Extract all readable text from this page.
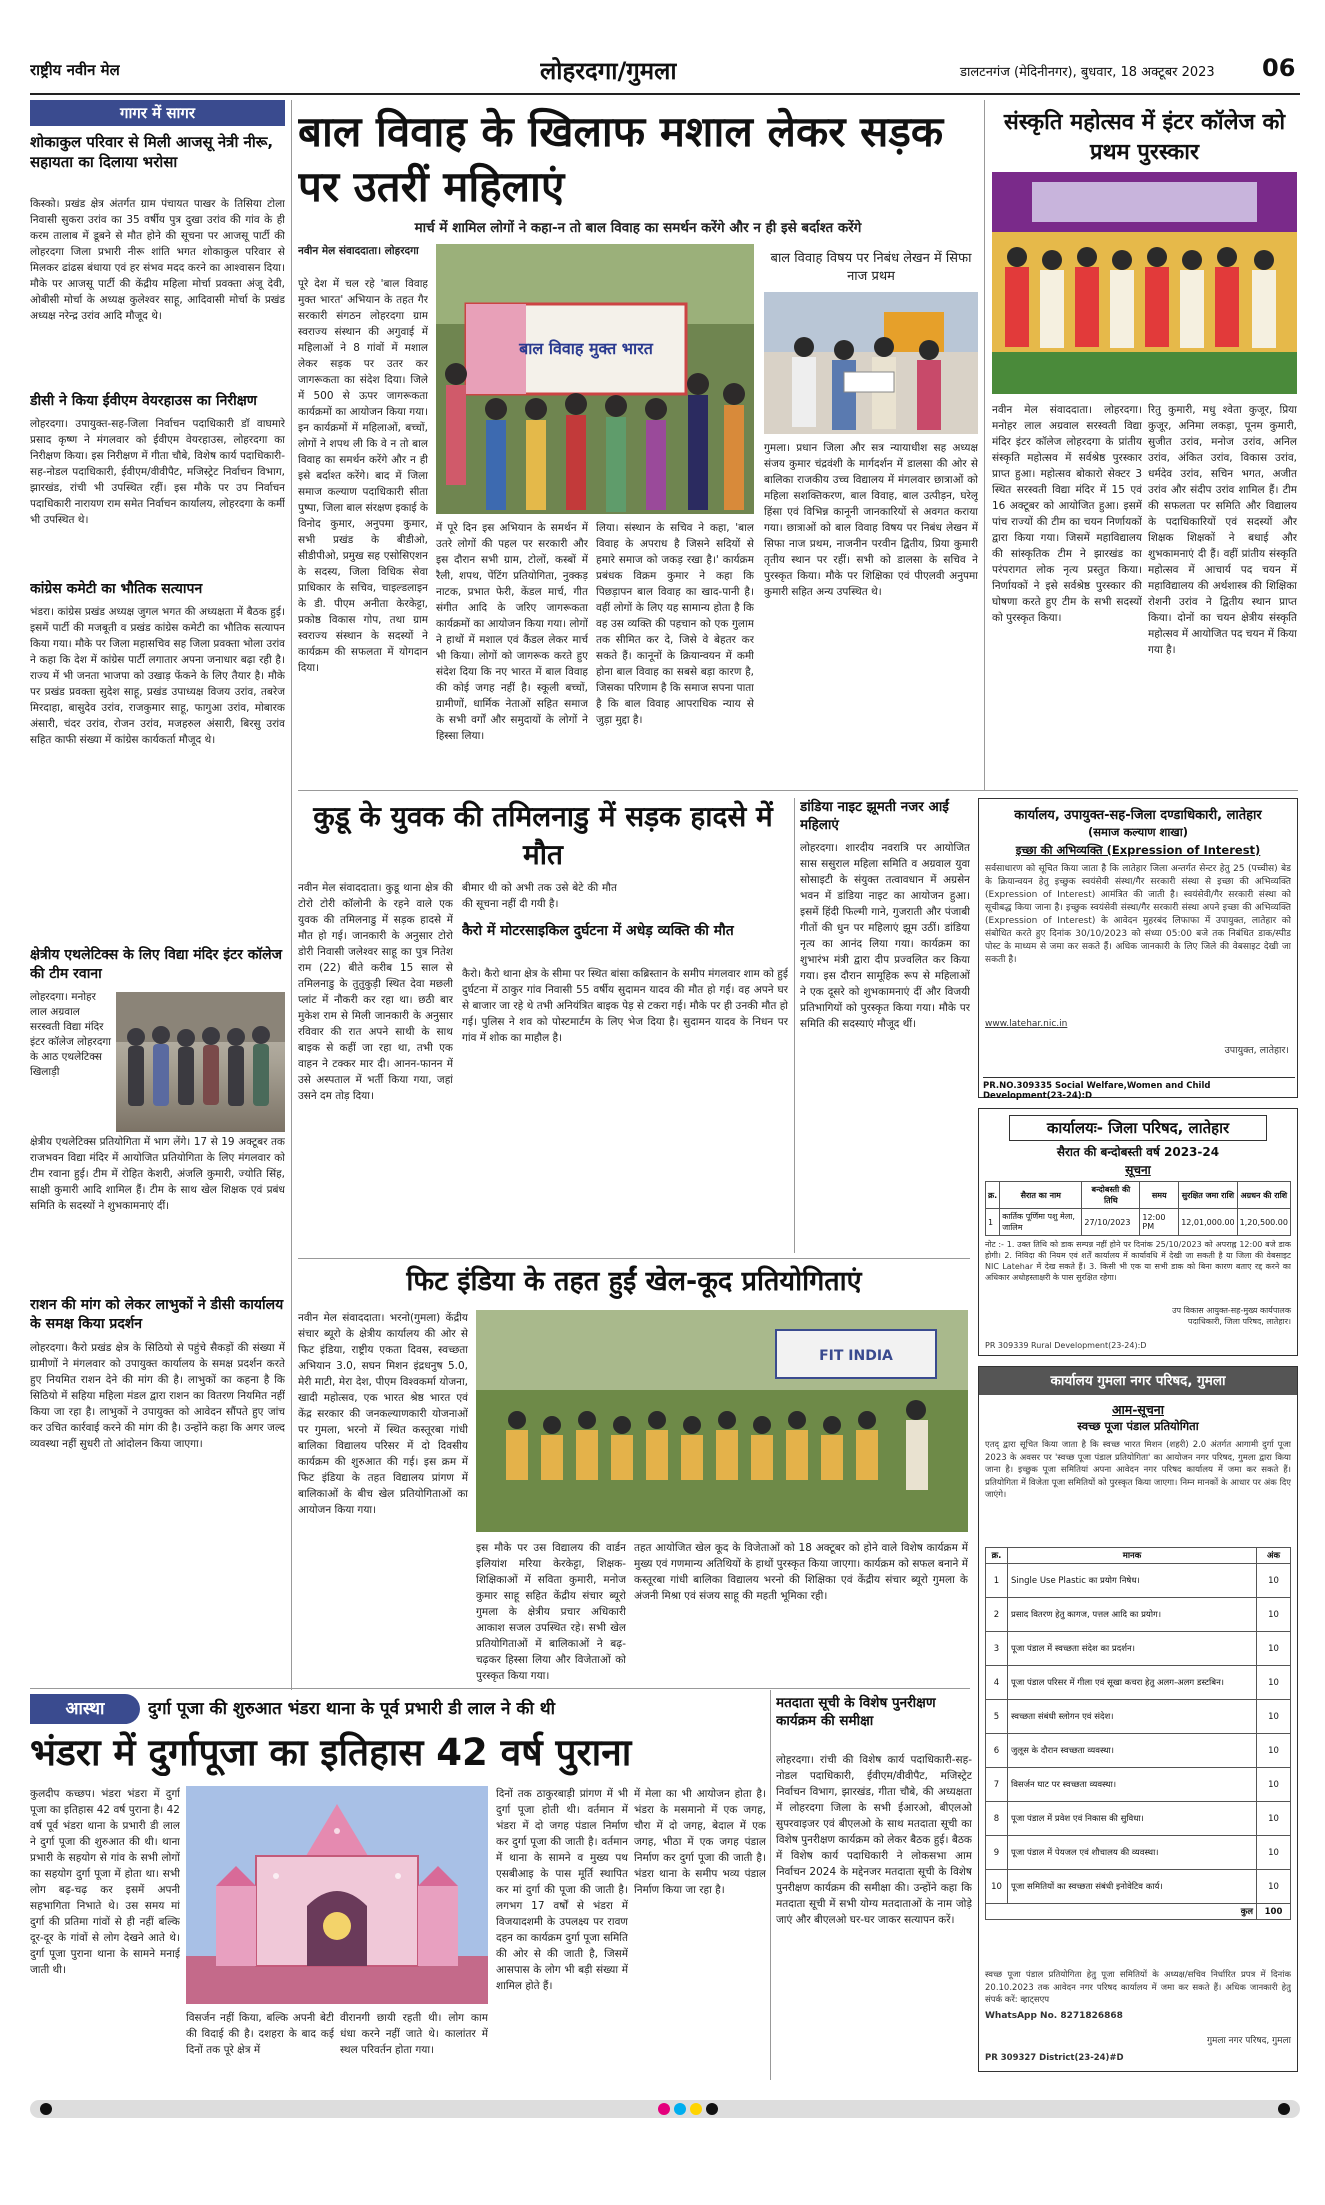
राष्ट्रीय नवीन मेल	लोहरदगा/गुमला	डालटनगंज (मेदिनीनगर), बुधवार, 18 अक्टूबर 2023 06
गागर में सागर
शोकाकुल परिवार से मिली आजसू नेत्री नीरू, सहायता का दिलाया भरोसा
किस्को। प्रखंड क्षेत्र अंतर्गत ग्राम पंचायत पाखर के तिसिया टोला निवासी सुकरा उरांव का 35 वर्षीय पुत्र दुखा उरांव की गांव के ही करम तालाब में डूबने से मौत होने की सूचना पर आजसू पार्टी की लोहरदगा जिला प्रभारी नीरू शांति भगत शोकाकुल परिवार से मिलकर ढांढस बंधाया एवं हर संभव मदद करने का आश्वासन दिया। मौके पर आजसू पार्टी की केंद्रीय महिला मोर्चा प्रवक्ता अंजू देवी, ओबीसी मोर्चा के अध्यक्ष कुलेश्वर साहू, आदिवासी मोर्चा के प्रखंड अध्यक्ष नरेन्द्र उरांव आदि मौजूद थे।
डीसी ने किया ईवीएम वेयरहाउस का निरीक्षण
लोहरदगा। उपायुक्त-सह-जिला निर्वाचन पदाधिकारी डॉ वाघमारे प्रसाद कृष्ण ने मंगलवार को ईवीएम वेयरहाउस, लोहरदगा का निरीक्षण किया। इस निरीक्षण में गीता चौबे, विशेष कार्य पदाधिकारी-सह-नोडल पदाधिकारी, ईवीएम/वीवीपैट, मजिस्ट्रेट निर्वाचन विभाग, झारखंड, रांची भी उपस्थित रहीं। इस मौके पर उप निर्वाचन पदाधिकारी नारायण राम समेत निर्वाचन कार्यालय, लोहरदगा के कर्मी भी उपस्थित थे।
कांग्रेस कमेटी का भौतिक सत्यापन
भंडरा। कांग्रेस प्रखंड अध्यक्ष जुगल भगत की अध्यक्षता में बैठक हुई। इसमें पार्टी की मजबूती व प्रखंड कांग्रेस कमेटी का भौतिक सत्यापन किया गया। मौके पर जिला महासचिव सह जिला प्रवक्ता भोला उरांव ने कहा कि देश में कांग्रेस पार्टी लगातार अपना जनाधार बढ़ा रही है। राज्य में भी जनता भाजपा को उखाड़ फेंकने के लिए तैयार है। मौके पर प्रखंड प्रवक्ता सुदेश साहू, प्रखंड उपाध्यक्ष विजय उरांव, तबरेज मिरदाहा, बासुदेव उरांव, राजकुमार साहू, फागुआ उरांव, मोबारक अंसारी, चंदर उरांव, रोजन उरांव, मजहरुल अंसारी, बिरसु उरांव सहित काफी संख्या में कांग्रेस कार्यकर्ता मौजूद थे।
क्षेत्रीय एथलेटिक्स के लिए विद्या मंदिर इंटर कॉलेज की टीम रवाना
लोहरदगा। मनोहर लाल अग्रवाल सरस्वती विद्या मंदिर इंटर कॉलेज लोहरदगा के आठ एथलेटिक्स खिलाड़ी
क्षेत्रीय एथलेटिक्स प्रतियोगिता में भाग लेंगे। 17 से 19 अक्टूबर तक राजभवन विद्या मंदिर में आयोजित प्रतियोगिता के लिए मंगलवार को टीम रवाना हुई। टीम में रोहित केशरी, अंजलि कुमारी, ज्योति सिंह, साक्षी कुमारी आदि शामिल हैं। टीम के साथ खेल शिक्षक एवं प्रबंध समिति के सदस्यों ने शुभकामनाएं दीं।
राशन की मांग को लेकर लाभुकों ने डीसी कार्यालय के समक्ष किया प्रदर्शन
लोहरदगा। कैरो प्रखंड क्षेत्र के सिठियो से पहुंचे सैकड़ों की संख्या में ग्रामीणों ने मंगलवार को उपायुक्त कार्यालय के समक्ष प्रदर्शन करते हुए नियमित राशन देने की मांग की है। लाभुकों का कहना है कि सिठियो में सहिया महिला मंडल द्वारा राशन का वितरण नियमित नहीं किया जा रहा है। लाभुकों ने उपायुक्त को आवेदन सौंपते हुए जांच कर उचित कार्रवाई करने की मांग की है। उन्होंने कहा कि अगर जल्द व्यवस्था नहीं सुधरी तो आंदोलन किया जाएगा।
बाल विवाह के खिलाफ मशाल लेकर सड़क पर उतरीं महिलाएं
मार्च में शामिल लोगों ने कहा-न तो बाल विवाह का समर्थन करेंगे और न ही इसे बर्दाश्त करेंगे
नवीन मेल संवाददाता। लोहरदगा
पूरे देश में चल रहे 'बाल विवाह मुक्त भारत' अभियान के तहत गैर सरकारी संगठन लोहरदगा ग्राम स्वराज्य संस्थान की अगुवाई में महिलाओं ने 8 गांवों में मशाल लेकर सड़क पर उतर कर जागरूकता का संदेश दिया। जिले में 500 से ऊपर जागरूकता कार्यक्रमों का आयोजन किया गया। इन कार्यक्रमों में महिलाओं, बच्चों, लोगों ने शपथ ली कि वे न तो बाल विवाह का समर्थन करेंगे और न ही इसे बर्दाश्त करेंगे। बाद में जिला समाज कल्याण पदाधिकारी सीता पुष्पा, जिला बाल संरक्षण इकाई के विनोद कुमार, अनुपमा कुमार, सभी प्रखंड के बीडीओ, सीडीपीओ, प्रमुख सह एसोसिएशन के सदस्य, जिला विधिक सेवा प्राधिकार के सचिव, चाइल्डलाइन के डी. पीएम अनीता केरकेट्टा, प्रकोष्ठ विकास गोप, तथा ग्राम स्वराज्य संस्थान के सदस्यों ने कार्यक्रम की सफलता में योगदान दिया।
बाल विवाह मुक्त भारत
में पूरे दिन इस अभियान के समर्थन में उतरे लोगों की पहल पर सरकारी और इस दौरान सभी ग्राम, टोलों, कस्बों में रैली, शपथ, पेंटिंग प्रतियोगिता, नुक्कड़ नाटक, प्रभात फेरी, केंडल मार्च, गीत संगीत आदि के जरिए जागरूकता कार्यक्रमों का आयोजन किया गया। लोगों ने हाथों में मशाल एवं कैंडल लेकर मार्च भी किया। लोगों को जागरूक करते हुए संदेश दिया कि नए भारत में बाल विवाह की कोई जगह नहीं है। स्कूली बच्चों, ग्रामीणों, धार्मिक नेताओं सहित समाज के सभी वर्गों और समुदायों के लोगों ने हिस्सा लिया।
लिया। संस्थान के सचिव ने कहा, 'बाल विवाह के अपराध है जिसने सदियों से हमारे समाज को जकड़ रखा है।' कार्यक्रम प्रबंधक विक्रम कुमार ने कहा कि पिछड़ापन बाल विवाह का खाद-पानी है। वहीं लोगों के लिए यह सामान्य होता है कि वह उस व्यक्ति की पहचान को एक गुलाम तक सीमित कर दे, जिसे वे बेहतर कर सकते हैं। कानूनों के क्रियान्वयन में कमी होना बाल विवाह का सबसे बड़ा कारण है, जिसका परिणाम है कि समाज सपना पाता है कि बाल विवाह आपराधिक न्याय से जुड़ा मुद्दा है।
बाल विवाह विषय पर निबंध लेखन में सिफा नाज प्रथम
गुमला। प्रधान जिला और सत्र न्यायाधीश सह अध्यक्ष संजय कुमार चंद्रवंशी के मार्गदर्शन में डालसा की ओर से बालिका राजकीय उच्च विद्यालय में मंगलवार छात्राओं को महिला सशक्तिकरण, बाल विवाह, बाल उत्पीड़न, घरेलू हिंसा एवं विभिन्न कानूनी जानकारियों से अवगत कराया गया। छात्राओं को बाल विवाह विषय पर निबंध लेखन में सिफा नाज प्रथम, नाजनीन परवीन द्वितीय, प्रिया कुमारी तृतीय स्थान पर रहीं। सभी को डालसा के सचिव ने पुरस्कृत किया। मौके पर शिक्षिका एवं पीएलवी अनुपमा कुमारी सहित अन्य उपस्थित थे।
संस्कृति महोत्सव में इंटर कॉलेज को प्रथम पुरस्कार
नवीन मेल संवाददाता। लोहरदगा। मनोहर लाल अग्रवाल सरस्वती विद्या मंदिर इंटर कॉलेज लोहरदगा के प्रांतीय संस्कृति महोत्सव में सर्वश्रेष्ठ पुरस्कार प्राप्त हुआ। महोत्सव बोकारो सेक्टर 3 स्थित सरस्वती विद्या मंदिर में 15 एवं 16 अक्टूबर को आयोजित हुआ। इसमें पांच राज्यों की टीम का चयन निर्णायकों द्वारा किया गया। जिसमें महाविद्यालय की सांस्कृतिक टीम ने झारखंड का परंपरागत लोक नृत्य प्रस्तुत किया। निर्णायकों ने इसे सर्वश्रेष्ठ पुरस्कार की घोषणा करते हुए टीम के सभी सदस्यों को पुरस्कृत किया।
रितु कुमारी, मधु श्वेता कुजूर, प्रिया कुजूर, अनिमा लकड़ा, पूनम कुमारी, सुजीत उरांव, मनोज उरांव, अनिल उरांव, अंकित उरांव, विकास उरांव, धर्मदेव उरांव, सचिन भगत, अजीत उरांव और संदीप उरांव शामिल हैं। टीम की सफलता पर समिति और विद्यालय के पदाधिकारियों एवं सदस्यों और शिक्षक शिक्षकों ने बधाई और शुभकामनाएं दी हैं। वहीं प्रांतीय संस्कृति महोत्सव में आचार्य पद चयन में महाविद्यालय की अर्थशास्त्र की शिक्षिका रोशनी उरांव ने द्वितीय स्थान प्राप्त किया। दोनों का चयन क्षेत्रीय संस्कृति महोत्सव में आयोजित पद चयन में किया गया है।
कुडू के युवक की तमिलनाडु में सड़क हादसे में मौत
नवीन मेल संवाददाता। कुडू थाना क्षेत्र की टोरो टोरी कॉलोनी के रहने वाले एक युवक की तमिलनाडु में सड़क हादसे में मौत हो गई। जानकारी के अनुसार टोरो डोरी निवासी जलेश्वर साहू का पुत्र नितेश राम (22) बीते करीब 15 साल से तमिलनाडु के तुतुकुड़ी स्थित देवा मछली प्लांट में नौकरी कर रहा था। छठी बार मुकेश राम से मिली जानकारी के अनुसार रविवार की रात अपने साथी के साथ बाइक से कहीं जा रहा था, तभी एक वाहन ने टक्कर मार दी। आनन-फानन में उसे अस्पताल में भर्ती किया गया, जहां उसने दम तोड़ दिया।
बीमार थी को अभी तक उसे बेटे की मौत की सूचना नहीं दी गयी है।
कैरो में मोटरसाइकिल दुर्घटना में अधेड़ व्यक्ति की मौत
कैरो। कैरो थाना क्षेत्र के सीमा पर स्थित बांसा कब्रिस्तान के समीप मंगलवार शाम को हुई दुर्घटना में ठाकुर गांव निवासी 55 वर्षीय सुदामन यादव की मौत हो गई। वह अपने घर से बाजार जा रहे थे तभी अनियंत्रित बाइक पेड़ से टकरा गई। मौके पर ही उनकी मौत हो गई। पुलिस ने शव को पोस्टमार्टम के लिए भेज दिया है। सुदामन यादव के निधन पर गांव में शोक का माहौल है।
डांडिया नाइट झूमती नजर आईं महिलाएं
लोहरदगा। शारदीय नवरात्रि पर आयोजित सास ससुराल महिला समिति व अग्रवाल युवा सोसाइटी के संयुक्त तत्वावधान में अग्रसेन भवन में डांडिया नाइट का आयोजन हुआ। इसमें हिंदी फिल्मी गाने, गुजराती और पंजाबी गीतों की धुन पर महिलाएं झूम उठीं। डांडिया नृत्य का आनंद लिया गया। कार्यक्रम का शुभारंभ मंत्री द्वारा दीप प्रज्वलित कर किया गया। इस दौरान सामूहिक रूप से महिलाओं ने एक दूसरे को शुभकामनाएं दीं और विजयी प्रतिभागियों को पुरस्कृत किया गया। मौके पर समिति की सदस्याएं मौजूद थीं।
कार्यालय, उपायुक्त-सह-जिला दण्डाधिकारी, लातेहार
(समाज कल्याण शाखा)
इच्छा की अभिव्यक्ति (Expression of Interest)
सर्वसाधारण को सूचित किया जाता है कि लातेहार जिला अन्तर्गत सेन्टर हेतु 25 (पच्चीस) बेड के क्रियान्वयन हेतु इच्छुक स्वयंसेवी संस्था/गैर सरकारी संस्था से इच्छा की अभिव्यक्ति (Expression of Interest) आमंत्रित की जाती है। स्वयंसेवी/गैर सरकारी संस्था को सूचीबद्ध किया जाना है। इच्छुक स्वयंसेवी संस्था/गैर सरकारी संस्था अपने इच्छा की अभिव्यक्ति (Expression of Interest) के आवेदन मुहरबंद लिफाफा में उपायुक्त, लातेहार को संबोधित करते हुए दिनांक 30/10/2023 को संध्या 05:00 बजे तक निबंधित डाक/स्पीड पोस्ट के माध्यम से जमा कर सकते हैं। अधिक जानकारी के लिए जिले की वेबसाइट देखी जा सकती है।
www.latehar.nic.in
उपायुक्त, लातेहार।
PR.NO.309335 Social Welfare,Women and Child Development(23-24):D
कार्यालयः- जिला परिषद, लातेहार
सैरात की बन्दोबस्ती वर्ष 2023-24
सूचना
क्र.	सैरात का नाम	बन्दोबस्ती की तिथि	समय	सुरक्षित जमा राशि	अग्रधन की राशि
1	कार्तिक पूर्णिमा पशु मेला, जालिम	27/10/2023	12:00 PM	12,01,000.00	1,20,500.00
नोट :- 1. उक्त तिथि को डाक सम्पन्न नहीं होने पर दिनांक 25/10/2023 को अपराह्न 12:00 बजे डाक होगी। 2. निविदा की नियम एवं शर्तें कार्यालय में कार्यावधि में देखी जा सकती है या जिला की वेबसाइट NIC Latehar में देख सकते हैं। 3. किसी भी एक या सभी डाक को बिना कारण बताए रद्द करने का अधिकार अधोहस्ताक्षरी के पास सुरक्षित रहेगा।
उप विकास आयुक्त-सह-मुख्य कार्यपालक पदाधिकारी, जिला परिषद, लातेहार।
PR 309339 Rural Development(23-24):D
फिट इंडिया के तहत हुईं खेल-कूद प्रतियोगिताएं
नवीन मेल संवाददाता। भरनो(गुमला) केंद्रीय संचार ब्यूरो के क्षेत्रीय कार्यालय की ओर से फिट इंडिया, राष्ट्रीय एकता दिवस, स्वच्छता अभियान 3.0, सघन मिशन इंद्रधनुष 5.0, मेरी माटी, मेरा देश, पीएम विश्वकर्मा योजना, खादी महोत्सव, एक भारत श्रेष्ठ भारत एवं केंद्र सरकार की जनकल्याणकारी योजनाओं पर गुमला, भरनो में स्थित कस्तूरबा गांधी बालिका विद्यालय परिसर में दो दिवसीय कार्यक्रम की शुरुआत की गई। इस क्रम में फिट इंडिया के तहत विद्यालय प्रांगण में बालिकाओं के बीच खेल प्रतियोगिताओं का आयोजन किया गया।
FIT INDIA
इस मौके पर उस विद्यालय की वार्डन इलियांश मरिया केरकेट्टा, शिक्षक-शिक्षिकाओं में सविता कुमारी, मनोज कुमार साहू सहित केंद्रीय संचार ब्यूरो गुमला के क्षेत्रीय प्रचार अधिकारी आकाश सजल उपस्थित रहे। सभी खेल प्रतियोगिताओं में बालिकाओं ने बढ़-चढ़कर हिस्सा लिया और विजेताओं को पुरस्कृत किया गया।
तहत आयोजित खेल कूद के विजेताओं को 18 अक्टूबर को होने वाले विशेष कार्यक्रम में मुख्य एवं गणमान्य अतिथियों के हाथों पुरस्कृत किया जाएगा। कार्यक्रम को सफल बनाने में कस्तूरबा गांधी बालिका विद्यालय भरनो की शिक्षिका एवं केंद्रीय संचार ब्यूरो गुमला के अंजनी मिश्रा एवं संजय साहू की महती भूमिका रही।
कार्यालय गुमला नगर परिषद, गुमला
आम-सूचना
स्वच्छ पूजा पंडाल प्रतियोगिता
एतद् द्वारा सूचित किया जाता है कि स्वच्छ भारत मिशन (शहरी) 2.0 अंतर्गत आगामी दुर्गा पूजा 2023 के अवसर पर 'स्वच्छ पूजा पंडाल प्रतियोगिता' का आयोजन नगर परिषद, गुमला द्वारा किया जाना है। इच्छुक पूजा समितियां अपना आवेदन नगर परिषद कार्यालय में जमा कर सकते हैं। प्रतियोगिता में विजेता पूजा समितियों को पुरस्कृत किया जाएगा। निम्न मानकों के आधार पर अंक दिए जाएंगे।
क्र.	मानक	अंक
1	Single Use Plastic का प्रयोग निषेध।	10
2	प्रसाद वितरण हेतु कागज, पत्तल आदि का प्रयोग।	10
3	पूजा पंडाल में स्वच्छता संदेश का प्रदर्शन।	10
4	पूजा पंडाल परिसर में गीला एवं सूखा कचरा हेतु अलग-अलग डस्टबिन।	10
5	स्वच्छता संबंधी स्लोगन एवं संदेश।	10
6	जुलूस के दौरान स्वच्छता व्यवस्था।	10
7	विसर्जन घाट पर स्वच्छता व्यवस्था।	10
8	पूजा पंडाल में प्रवेश एवं निकास की सुविधा।	10
9	पूजा पंडाल में पेयजल एवं शौचालय की व्यवस्था।	10
10	पूजा समितियों का स्वच्छता संबंधी इनोवेटिव कार्य।	10
कुल		100
स्वच्छ पूजा पंडाल प्रतियोगिता हेतु पूजा समितियों के अध्यक्ष/सचिव निर्धारित प्रपत्र में दिनांक 20.10.2023 तक आवेदन नगर परिषद कार्यालय में जमा कर सकते हैं। अधिक जानकारी हेतु संपर्क करें: व्हाट्सएप
WhatsApp No. 8271826868
गुमला नगर परिषद, गुमला
PR 309327 District(23-24)#D
मतदाता सूची के विशेष पुनरीक्षण कार्यक्रम की समीक्षा
लोहरदगा। रांची की विशेष कार्य पदाधिकारी-सह-नोडल पदाधिकारी, ईवीएम/वीवीपैट, मजिस्ट्रेट निर्वाचन विभाग, झारखंड, गीता चौबे, की अध्यक्षता में लोहरदगा जिला के सभी ईआरओ, बीएलओ सुपरवाइजर एवं बीएलओ के साथ मतदाता सूची का विशेष पुनरीक्षण कार्यक्रम को लेकर बैठक हुई। बैठक में विशेष कार्य पदाधिकारी ने लोकसभा आम निर्वाचन 2024 के मद्देनजर मतदाता सूची के विशेष पुनरीक्षण कार्यक्रम की समीक्षा की। उन्होंने कहा कि मतदाता सूची में सभी योग्य मतदाताओं के नाम जोड़े जाएं और बीएलओ घर-घर जाकर सत्यापन करें।
आस्था	दुर्गा पूजा की शुरुआत भंडरा थाना के पूर्व प्रभारी डी लाल ने की थी
भंडरा में दुर्गापूजा का इतिहास 42 वर्ष पुराना
कुलदीप कच्छप। भंडरा भंडरा में दुर्गा पूजा का इतिहास 42 वर्ष पुराना है। 42 वर्ष पूर्व भंडरा थाना के प्रभारी डी लाल ने दुर्गा पूजा की शुरुआत की थी। थाना प्रभारी के सहयोग से गांव के सभी लोगों का सहयोग दुर्गा पूजा में होता था। सभी लोग बढ़-चढ़ कर इसमें अपनी सहभागिता निभाते थे। उस समय मां दुर्गा की प्रतिमा गांवों से ही नहीं बल्कि दूर-दूर के गांवों से लोग देखने आते थे। दुर्गा पूजा पुराना थाना के सामने मनाई जाती थी।
विसर्जन नहीं किया, बल्कि अपनी बेटी की विदाई की है। दशहरा के बाद कई दिनों तक पूरे क्षेत्र में
वीरानगी छायी रहती थी। लोग काम धंधा करने नहीं जाते थे। कालांतर में स्थल परिवर्तन होता गया।
दिनों तक ठाकुरबाड़ी प्रांगण में भी दुर्गा पूजा होती थी। वर्तमान में भंडरा में दो जगह पंडाल निर्माण कर दुर्गा पूजा की जाती है। वर्तमान में थाना के सामने व मुख्य पथ एसबीआइ के पास मूर्ति स्थापित कर मां दुर्गा की पूजा की जाती है। लगभग 17 वर्षों से भंडरा में विजयादशमी के उपलक्ष्य पर रावण दहन का कार्यक्रम दुर्गा पूजा समिति की ओर से की जाती है, जिसमें आसपास के लोग भी बड़ी संख्या में शामिल होते हैं।
में मेला का भी आयोजन होता है। भंडरा के मसमानो में एक जगह, चौरा में दो जगह, बेदाल में एक जगह, भीठा में एक जगह पंडाल निर्माण कर दुर्गा पूजा की जाती है। भंडरा थाना के समीप भव्य पंडाल निर्माण किया जा रहा है।
